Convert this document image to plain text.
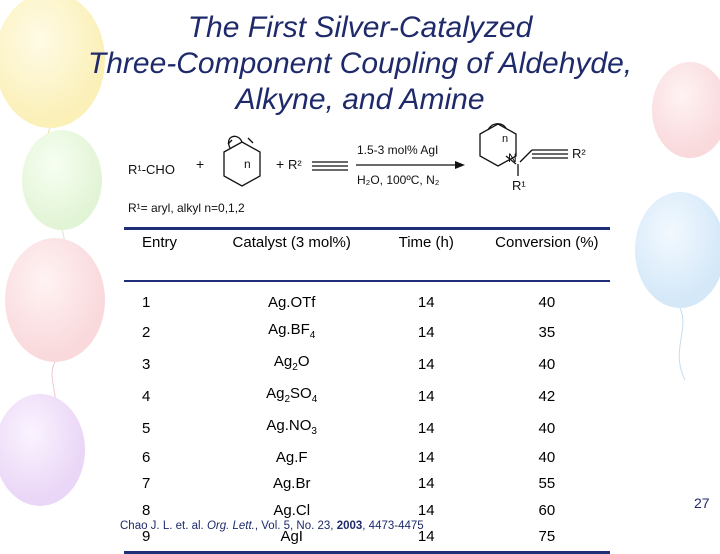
The First Silver-Catalyzed
Three-Component Coupling of Aldehyde,
Alkyne, and Amine
R¹-CHO +	n + R²
1.5-3 mol% AgI
H₂O, 100ºC, N₂
n
N	R²
R¹
R¹= aryl, alkyl n=0,1,2
Entry	Catalyst (3 mol%)	Time (h)	Conversion (%)
1	Ag.OTf	14	40
2	$Ag.BF_4$	14	35
3	$Ag_2O$	14	40
4	$Ag_2SO_4$	14	42
5	$Ag.NO_3$	14	40
6	Ag.F	14	40
7	Ag.Br	14	55
8	Ag.Cl	14	60
9	AgI	14	75
Chao J. L. et. al. Org. Lett., Vol. 5, No. 23, 2003, 4473-4475
27
